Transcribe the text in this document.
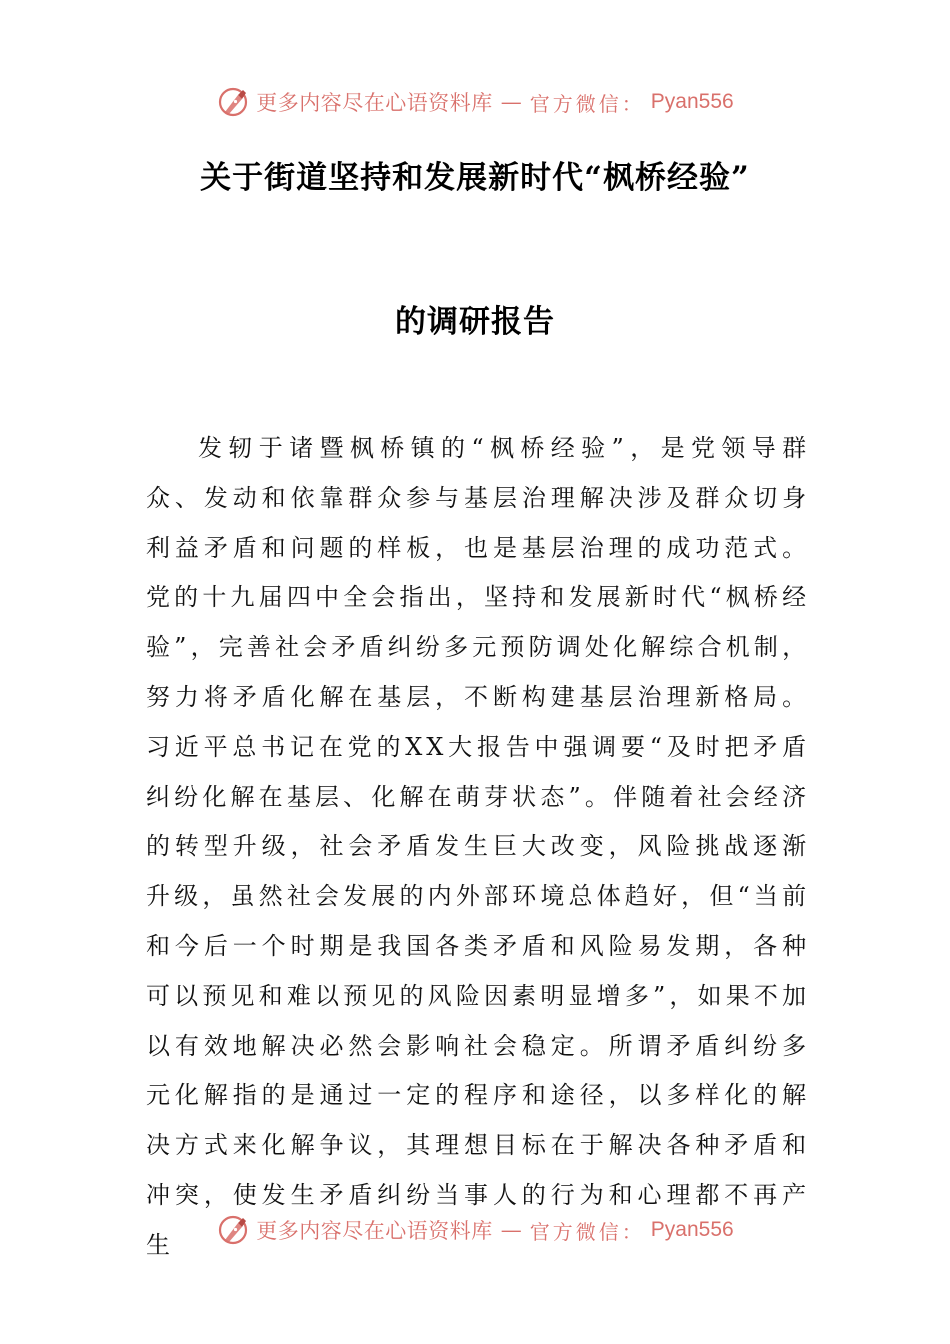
更多内容尽在心语资料库 — 官方微信： Pyan556
关于街道坚持和发展新时代“枫桥经验”
的调研报告

发轫于诸暨枫桥镇的“枫桥经验”，是党领导群众、发动和依靠群众参与基层治理解决涉及群众切身利益矛盾和问题的样板，也是基层治理的成功范式。党的十九届四中全会指出，坚持和发展新时代“枫桥经验”，完善社会矛盾纠纷多元预防调处化解综合机制，努力将矛盾化解在基层，不断构建基层治理新格局。习近平总书记在党的XX大报告中强调要“及时把矛盾纠纷化解在基层、化解在萌芽状态”。伴随着社会经济的转型升级，社会矛盾发生巨大改变，风险挑战逐渐升级，虽然社会发展的内外部环境总体趋好，但“当前和今后一个时期是我国各类矛盾和风险易发期，各种可以预见和难以预见的风险因素明显增多”，如果不加以有效地解决必然会影响社会稳定。所谓矛盾纠纷多元化解指的是通过一定的程序和途径，以多样化的解决方式来化解争议，其理想目标在于解决各种矛盾和冲突，使发生矛盾纠纷当事人的行为和心理都不再产生	更多内容尽在心语资料库 — 官方微信： Pyan556
